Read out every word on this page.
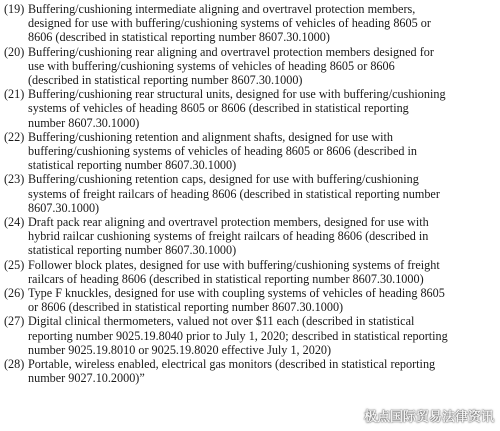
(19) Buffering/cushioning intermediate aligning and overtravel protection members,
designed for use with buffering/cushioning systems of vehicles of heading 8605 or
8606 (described in statistical reporting number 8607.30.1000)
(20) Buffering/cushioning rear aligning and overtravel protection members designed for
use with buffering/cushioning systems of vehicles of heading 8605 or 8606
(described in statistical reporting number 8607.30.1000)
(21) Buffering/cushioning rear structural units, designed for use with buffering/cushioning
systems of vehicles of heading 8605 or 8606 (described in statistical reporting
number 8607.30.1000)
(22) Buffering/cushioning retention and alignment shafts, designed for use with
buffering/cushioning systems of vehicles of heading 8605 or 8606 (described in
statistical reporting number 8607.30.1000)
(23) Buffering/cushioning retention caps, designed for use with buffering/cushioning
systems of freight railcars of heading 8606 (described in statistical reporting number
8607.30.1000)
(24) Draft pack rear aligning and overtravel protection members, designed for use with
hybrid railcar cushioning systems of freight railcars of heading 8606 (described in
statistical reporting number 8607.30.1000)
(25) Follower block plates, designed for use with buffering/cushioning systems of freight
railcars of heading 8606 (described in statistical reporting number 8607.30.1000)
(26) Type F knuckles, designed for use with coupling systems of vehicles of heading 8605
or 8606 (described in statistical reporting number 8607.30.1000)
(27) Digital clinical thermometers, valued not over $11 each (described in statistical
reporting number 9025.19.8040 prior to July 1, 2020; described in statistical reporting
number 9025.19.8010 or 9025.19.8020 effective July 1, 2020)
(28) Portable, wireless enabled, electrical gas monitors (described in statistical reporting
number 9027.10.2000)”
极点国际贸易法律资讯
